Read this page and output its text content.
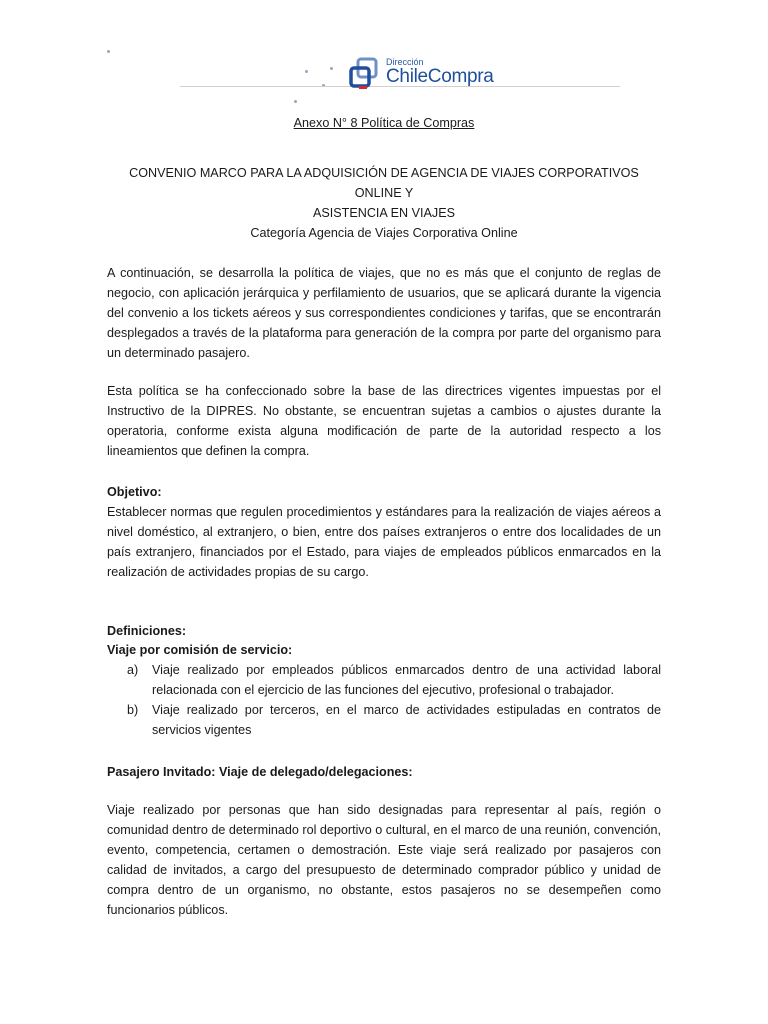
Dirección
ChileCompra
Anexo N° 8 Política de Compras
CONVENIO MARCO PARA LA ADQUISICIÓN DE AGENCIA DE VIAJES CORPORATIVOS ONLINE Y
ASISTENCIA EN VIAJES
Categoría Agencia de Viajes Corporativa Online
A continuación, se desarrolla la política de viajes, que no es más que el conjunto de reglas de negocio, con aplicación jerárquica y perfilamiento de usuarios, que se aplicará durante la vigencia del convenio a los tickets aéreos y sus correspondientes condiciones y tarifas, que se encontrarán desplegados a través de la plataforma para generación de la compra por parte del organismo para un determinado pasajero.
Esta política se ha confeccionado sobre la base de las directrices vigentes impuestas por el Instructivo de la DIPRES. No obstante, se encuentran sujetas a cambios o ajustes durante la operatoria, conforme exista alguna modificación de parte de la autoridad respecto a los lineamientos que definen la compra.
Objetivo:
Establecer normas que regulen procedimientos y estándares para la realización de viajes aéreos a nivel doméstico, al extranjero, o bien, entre dos países extranjeros o entre dos localidades de un país extranjero, financiados por el Estado, para viajes de empleados públicos enmarcados en la realización de actividades propias de su cargo.
Definiciones:
Viaje por comisión de servicio:
a)	Viaje realizado por empleados públicos enmarcados dentro de una actividad laboral relacionada con el ejercicio de las funciones del ejecutivo, profesional o trabajador.
b)	Viaje realizado por terceros, en el marco de actividades estipuladas en contratos de servicios vigentes
Pasajero Invitado: Viaje de delegado/delegaciones:
Viaje realizado por personas que han sido designadas para representar al país, región o comunidad dentro de determinado rol deportivo o cultural, en el marco de una reunión, convención, evento, competencia, certamen o demostración. Este viaje será realizado por pasajeros con calidad de invitados, a cargo del presupuesto de determinado comprador público y unidad de compra dentro de un organismo, no obstante, estos pasajeros no se desempeñen como funcionarios públicos.
